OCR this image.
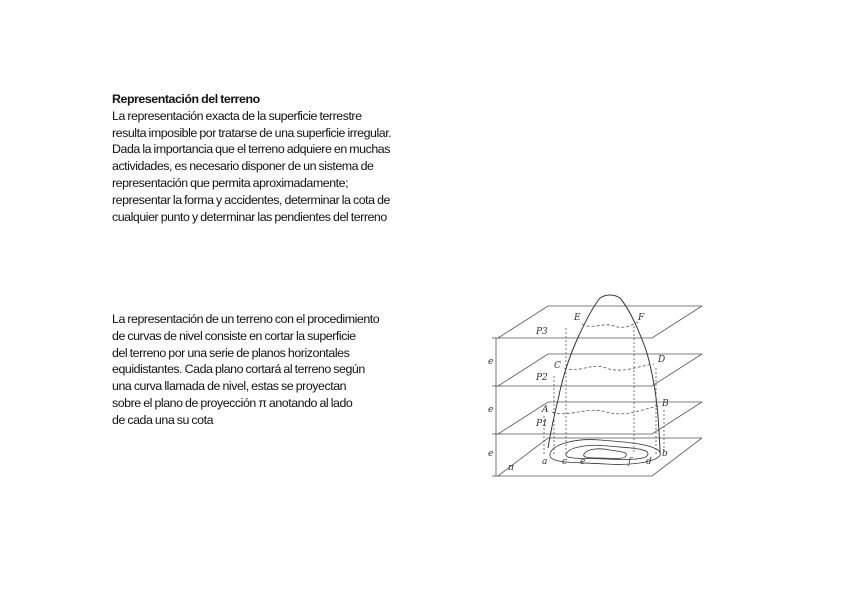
Representación del terreno
La representación exacta de la superficie terrestre
resulta imposible por tratarse de una superficie irregular.
Dada la importancia que el terreno adquiere en muchas
actividades, es necesario disponer de un sistema de
representación que permita aproximadamente;
representar la forma y accidentes, determinar la cota de
cualquier punto y determinar las pendientes del terreno
La representación de un terreno con el procedimiento
de curvas de nivel consiste en cortar la superficie
del terreno por una serie de planos horizontales
equidistantes. Cada plano cortará al terreno según
una curva llamada de nivel, estas se proyectan
sobre el plano de proyección π anotando al lado
de cada una su cota
E	F
C
D
A
B
P3
P2
P1
π
e
e
e
a c e	f d
b
